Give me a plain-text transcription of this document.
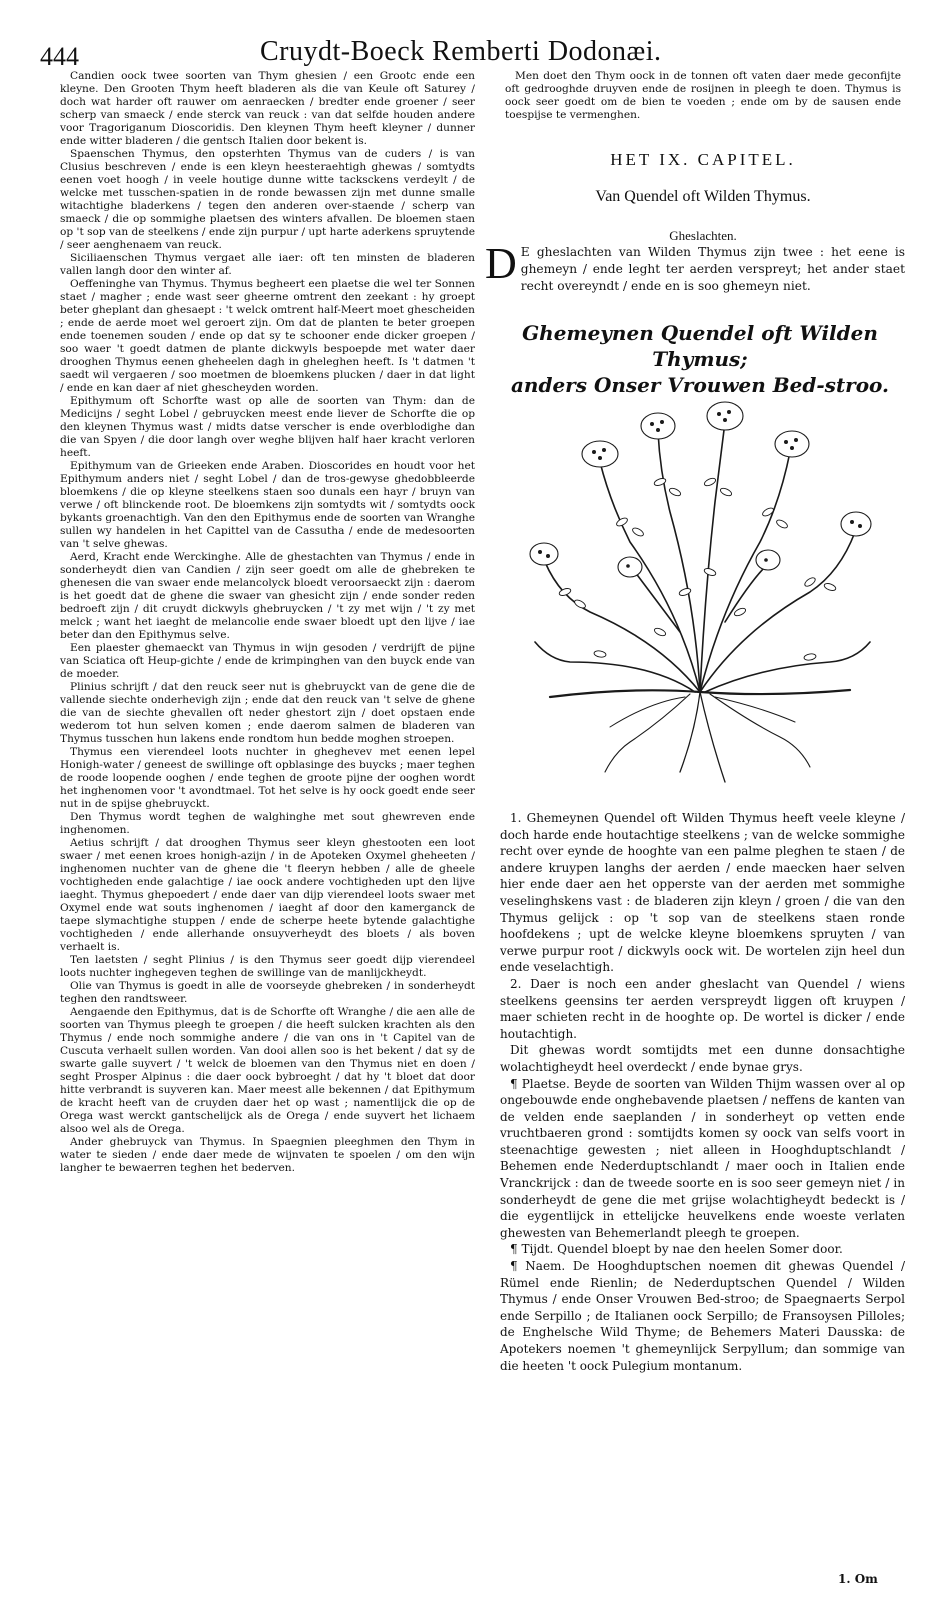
444	Cruydt-Boeck Remberti Dodonæi.

Candien oock twee soorten van Thym ghesien / een Grootc ende een kleyne. Den Grooten Thym heeft bladeren als die van Keule oft Saturey / doch wat harder oft rauwer om aenraecken / bredter ende groener / seer scherp van smaeck / ende sterck van reuck : van dat selfde houden andere voor Tragoriganum Dioscoridis. Den kleynen Thym heeft kleyner / dunner ende witter bladeren / die gentsch Italien door bekent is.

Spaenschen Thymus, den opsterhten Thymus van de cuders / is van Clusius beschreven / ende is een kleyn heesteraehtigh ghewas / somtydts eenen voet hoogh / in veele houtige dunne witte tacksckens verdeylt / de welcke met tusschen-spatien in de ronde bewassen zijn met dunne smalle witachtighe bladerkens / tegen den anderen over-staende / scherp van smaeck / die op sommighe plaetsen des winters afvallen. De bloemen staen op 't sop van de steelkens / ende zijn purpur / upt harte aderkens spruytende / seer aenghenaem van reuck.

Siciliaenschen Thymus vergaet alle iaer: oft ten minsten de bladeren vallen langh door den winter af.

Oeffeninghe van Thymus. Thymus begheert een plaetse die wel ter Sonnen staet / magher ; ende wast seer gheerne omtrent den zeekant : hy groept beter gheplant dan ghesaept : 't welck omtrent half-Meert moet ghescheiden ; ende de aerde moet wel geroert zijn. Om dat de planten te beter groepen ende toenemen souden / ende op dat sy te schooner ende dicker groepen / soo waer 't goedt datmen de plante dickwyls bespoepde met water daer drooghen Thymus eenen gheheelen dagh in gheleghen heeft. Is 't datmen 't saedt wil vergaeren / soo moetmen de bloemkens plucken / daer in dat light / ende en kan daer af niet ghescheyden worden.

Epithymum oft Schorfte wast op alle de soorten van Thym: dan de Medicijns / seght Lobel / gebruycken meest ende liever de Schorfte die op den kleynen Thymus wast / midts datse verscher is ende overblodighe dan die van Spyen / die door langh over weghe blijven half haer kracht verloren heeft.

Epithymum van de Grieeken ende Araben. Dioscorides en houdt voor het Epithymum anders niet / seght Lobel / dan de tros-gewyse ghedobbleerde bloemkens / die op kleyne steelkens staen soo dunals een hayr / bruyn van verwe / oft blinckende root. De bloemkens zijn somtydts wit / somtydts oock bykants groenachtigh. Van den den Epithymus ende de soorten van Wranghe sullen wy handelen in het Capittel van de Cassutha / ende de medesoorten van 't selve ghewas.

Aerd, Kracht ende Werckinghe. Alle de ghestachten van Thymus / ende in sonderheydt dien van Candien / zijn seer goedt om alle de ghebreken te ghenesen die van swaer ende melancolyck bloedt veroorsaeckt zijn : daerom is het goedt dat de ghene die swaer van ghesicht zijn / ende sonder reden bedroeft zijn / dit cruydt dickwyls ghebruycken / 't zy met wijn / 't zy met melck ; want het iaeght de melancolie ende swaer bloedt upt den lijve / iae beter dan den Epithymus selve.

Een plaester ghemaeckt van Thymus in wijn gesoden / verdrijft de pijne van Sciatica oft Heup-gichte / ende de krimpinghen van den buyck ende van de moeder.

Plinius schrijft / dat den reuck seer nut is ghebruyckt van de gene die de vallende siechte onderhevigh zijn ; ende dat den reuck van 't selve de ghene die van de siechte ghevallen oft neder ghestort zijn / doet opstaen ende wederom tot hun selven komen ; ende daerom salmen de bladeren van Thymus tusschen hun lakens ende rondtom hun bedde moghen stroepen.

Thymus een vierendeel loots nuchter in gheghevev met eenen lepel Honigh-water / geneest de swillinge oft opblasinge des buycks ; maer teghen de roode loopende ooghen / ende teghen de groote pijne der ooghen wordt het inghenomen voor 't avondtmael. Tot het selve is hy oock goedt ende seer nut in de spijse ghebruyckt.

Den Thymus wordt teghen de walghinghe met sout ghewreven ende inghenomen.

Aetius schrijft / dat drooghen Thymus seer kleyn ghestooten een loot swaer / met eenen kroes honigh-azijn / in de Apoteken Oxymel gheheeten / inghenomen nuchter van de ghene die 't fleeryn hebben / alle de gheele vochtigheden ende galachtige / iae oock andere vochtigheden upt den lijve iaeght. Thymus ghepoedert / ende daer van dijp vierendeel loots swaer met Oxymel ende wat souts inghenomen / iaeght af door den kamerganck de taepe slymachtighe stuppen / ende de scherpe heete bytende galachtighe vochtigheden / ende allerhande onsuyverheydt des bloets / als boven verhaelt is.

Ten laetsten / seght Plinius / is den Thymus seer goedt dijp vierendeel loots nuchter inghegeven teghen de swillinge van de manlijckheydt.

Olie van Thymus is goedt in alle de voorseyde ghebreken / in sonderheydt teghen den randtsweer.

Aengaende den Epithymus, dat is de Schorfte oft Wranghe / die aen alle de soorten van Thymus pleegh te groepen / die heeft sulcken krachten als den Thymus / ende noch sommighe andere / die van ons in 't Capitel van de Cuscuta verhaelt sullen worden. Van dooi allen soo is het bekent / dat sy de swarte galle suyvert / 't welck de bloemen van den Thymus niet en doen / seght Prosper Alpinus : die daer oock bybroeght / dat hy 't bloet dat door hitte verbrandt is suyveren kan. Maer meest alle bekennen / dat Epithymum de kracht heeft van de cruyden daer het op wast ; namentlijck die op de Orega wast werckt gantschelijck als de Orega / ende suyvert het lichaem alsoo wel als de Orega.

Ander ghebruyck van Thymus. In Spaegnien pleeghmen den Thym in water te sieden / ende daer mede de wijnvaten te spoelen / om den wijn langher te bewaerren teghen het bederven.

Men doet den Thym oock in de tonnen oft vaten daer mede geconfijte oft gedrooghde druyven ende de rosijnen in pleegh te doen. Thymus is oock seer goedt om de bien te voeden ; ende om by de sausen ende toespijse te vermenghen.

HET IX. CAPITEL.
Van Quendel oft Wilden Thymus.
Gheslachten.
D E gheslachten van Wilden Thymus zijn twee : het eene is ghemeyn / ende leght ter aerden verspreyt; het ander staet recht overeyndt / ende en is soo ghemeyn niet.
Ghemeynen Quendel oft Wilden Thymus;
anders Onser Vrouwen Bed-stroo.

1. Ghemeynen Quendel oft Wilden Thymus heeft veele kleyne / doch harde ende houtachtige steelkens ; van de welcke sommighe recht over eynde de hooghte van een palme pleghen te staen / de andere kruypen langhs der aerden / ende maecken haer selven hier ende daer aen het opperste van der aerden met sommighe veselinghskens vast : de bladeren zijn kleyn / groen / die van den Thymus gelijck : op 't sop van de steelkens staen ronde hoofdekens ; upt de welcke kleyne bloemkens spruyten / van verwe purpur root / dickwyls oock wit. De wortelen zijn heel dun ende veselachtigh.

2. Daer is noch een ander gheslacht van Quendel / wiens steelkens geensins ter aerden verspreydt liggen oft kruypen / maer schieten recht in de hooghte op. De wortel is dicker / ende houtachtigh.

Dit ghewas wordt somtijdts met een dunne donsachtighe wolachtigheydt heel overdeckt / ende bynae grys.

¶ Plaetse. Beyde de soorten van Wilden Thijm wassen over al op ongebouwde ende onghebavende plaetsen / neffens de kanten van de velden ende saeplanden / in sonderheyt op vetten ende vruchtbaeren grond : somtijdts komen sy oock van selfs voort in steenachtige gewesten ; niet alleen in Hooghduptschlandt / Behemen ende Nederduptschlandt / maer ooch in Italien ende Vranckrijck : dan de tweede soorte en is soo seer gemeyn niet / in sonderheydt de gene die met grijse wolachtigheydt bedeckt is / die eygentlijck in ettelijcke heuvelkens ende woeste verlaten ghewesten van Behemerlandt pleegh te groepen.

¶ Tijdt. Quendel bloept by nae den heelen Somer door.

¶ Naem. De Hooghduptschen noemen dit ghewas Quendel / Rümel ende Rienlin; de Nederduptschen Quendel / Wilden Thymus / ende Onser Vrouwen Bed-stroo; de Spaegnaerts Serpol ende Serpillo ; de Italianen oock Serpillo; de Fransoysen Pilloles; de Enghelsche Wild Thyme; de Behemers Materi Dausska: de Apotekers noemen 't ghemeynlijck Serpyllum; dan sommige van die heeten 't oock Pulegium montanum.

1. Om
